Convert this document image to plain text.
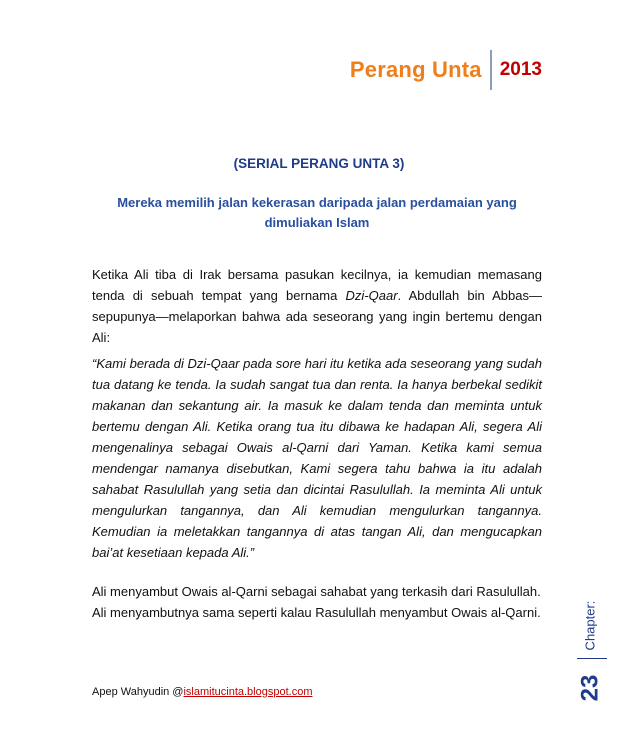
Perang Unta 2013
(SERIAL PERANG UNTA 3)
Mereka memilih jalan kekerasan daripada jalan perdamaian yang dimuliakan Islam
Ketika Ali tiba di Irak bersama pasukan kecilnya, ia kemudian memasang tenda di sebuah tempat yang bernama Dzi-Qaar. Abdullah bin Abbas—sepupunya—melaporkan bahwa ada seseorang yang ingin bertemu dengan Ali:
“Kami berada di Dzi-Qaar pada sore hari itu ketika ada seseorang yang sudah tua datang ke tenda. Ia sudah sangat tua dan renta. Ia hanya berbekal sedikit makanan dan sekantung air. Ia masuk ke dalam tenda dan meminta untuk bertemu dengan Ali. Ketika orang tua itu dibawa ke hadapan Ali, segera Ali mengenalinya sebagai Owais al-Qarni dari Yaman. Ketika kami semua mendengar namanya disebutkan, Kami segera tahu bahwa ia itu adalah sahabat Rasulullah yang setia dan dicintai Rasulullah. Ia meminta Ali untuk mengulurkan tangannya, dan Ali kemudian mengulurkan tangannya. Kemudian ia meletakkan tangannya di atas tangan Ali, dan mengucapkan bai’at kesetiaan kepada Ali.”
Ali menyambut Owais al-Qarni sebagai sahabat yang terkasih dari Rasulullah.
Ali menyambutnya sama seperti kalau Rasulullah menyambut Owais al-Qarni.
Apep Wahyudin @islamitucinta.blogspot.com
Chapter:
23
